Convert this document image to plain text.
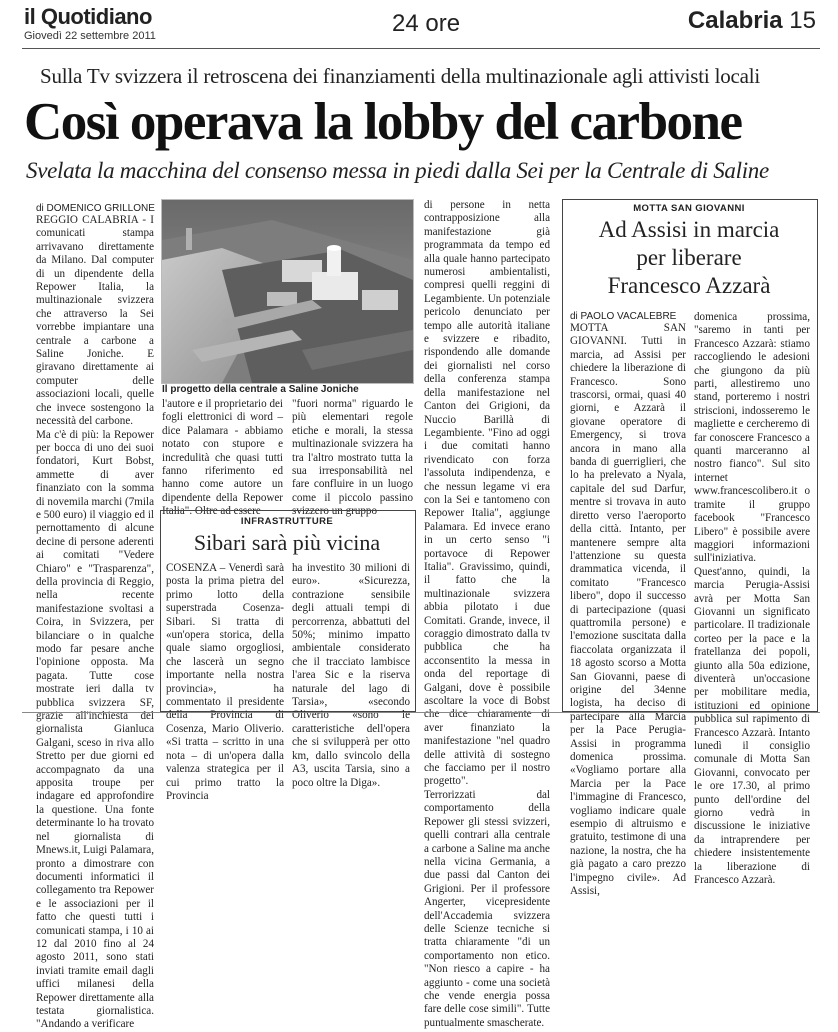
il Quotidiano
Giovedì 22 settembre 2011	24 ore	Calabria 15
Sulla Tv svizzera il retroscena dei finanziamenti della multinazionale agli attivisti locali
Così operava la lobby del carbone
Svelata la macchina del consenso messa in piedi dalla Sei per la Centrale di Saline
di DOMENICO GRILLONE

REGGIO CALABRIA - I comunicati stampa arrivavano direttamente da Milano. Dal computer di un dipendente della Repower Italia, la multinazionale svizzera che attraverso la Sei vorrebbe impiantare una centrale a carbone a Saline Joniche. E giravano direttamente ai computer delle associazioni locali, quelle che invece sostengono la necessità del carbone.
Ma c'è di più: la Repower per bocca di uno dei suoi fondatori, Kurt Bobst, ammette di aver finanziato con la somma di novemila marchi (7mila e 500 euro) il viaggio ed il pernottamento di alcune decine di persone aderenti ai comitati "Vedere Chiaro" e "Trasparenza", della provincia di Reggio, nella recente manifestazione svoltasi a Coira, in Svizzera, per bilanciare o in qualche modo far pesare anche l'opinione opposta. Ma pagata. Tutte cose mostrate ieri dalla tv pubblica svizzera SF, grazie all'inchiesta del giornalista Gianluca Galgani, sceso in riva allo Stretto per due giorni ed accompagnato da una apposita troupe per indagare ed approfondire la questione. Una fonte determinante lo ha trovato nel giornalista di Mnews.it, Luigi Palamara, pronto a dimostrare con documenti informatici il collegamento tra Repower e le associazioni per il fatto che questi tutti i comunicati stampa, i 10 ai 12 dal 2010 fino al 24 agosto 2011, sono stati inviati tramite email dagli uffici milanesi della Repower direttamente alla testata giornalistica. "Andando a verificare

Il progetto della centrale a Saline Joniche

l'autore e il proprietario dei fogli elettronici di word – dice Palamara - abbiamo notato con stupore e incredulità che quasi tutti fanno riferimento ed hanno come autore un dipendente della Repower Italia". Oltre ad essere

"fuori norma" riguardo le più elementari regole etiche e morali, la stessa multinazionale svizzera ha tra l'altro mostrato tutta la sua irresponsabilità nel fare confluire in un luogo come il piccolo passino svizzero un gruppo

di persone in netta contrapposizione alla manifestazione già programmata da tempo ed alla quale hanno partecipato numerosi ambientalisti, compresi quelli reggini di Legambiente. Un potenziale pericolo denunciato per tempo alle autorità italiane e svizzere e ribadito, rispondendo alle domande dei giornalisti nel corso della conferenza stampa della manifestazione nel Canton dei Grigioni, da Nuccio Barillà di Legambiente. "Fino ad oggi i due comitati hanno rivendicato con forza l'assoluta indipendenza, e che nessun legame vi era con la Sei e tantomeno con Repower Italia", aggiunge Palamara. Ed invece erano in un certo senso "i portavoce di Repower Italia". Gravissimo, quindi, il fatto che la multinazionale svizzera abbia pilotato i due Comitati. Grande, invece, il coraggio dimostrato dalla tv pubblica che ha acconsentito la messa in onda del reportage di Galgani, dove è possibile ascoltare la voce di Bobst che dice chiaramente di aver finanziato la manifestazione "nel quadro delle attività di sostegno che facciamo per il nostro progetto".
Terrorizzati dal comportamento della Repower gli stessi svizzeri, quelli contrari alla centrale a carbone a Saline ma anche nella vicina Germania, a due passi dal Canton dei Grigioni. Per il professore Angerter, vicepresidente dell'Accademia svizzera delle Scienze tecniche si tratta chiaramente "di un comportamento non etico. "Non riesco a capire - ha aggiunto - come una società che vende energia possa fare delle cose simili". Tutte puntualmente smascherate.

INFRASTRUTTURE
Sibari sarà più vicina

COSENZA – Venerdì sarà posta la prima pietra del primo lotto della superstrada Cosenza-Sibari. Si tratta di «un'opera storica, della quale siamo orgogliosi, che lascerà un segno importante nella nostra provincia», ha commentato il presidente della Provincia di Cosenza, Mario Oliverio. «Si tratta – scritto in una nota – di un'opera dalla valenza strategica per il cui primo tratto la Provincia

ha investito 30 milioni di euro». «Sicurezza, contrazione sensibile degli attuali tempi di percorrenza, abbattuti del 50%; minimo impatto ambientale considerato che il tracciato lambisce l'area Sic e la riserva naturale del lago di Tarsia», «secondo Oliverio «sono le caratteristiche dell'opera che si svilupperà per otto km, dallo svincolo della A3, uscita Tarsia, sino a poco oltre la Diga».

MOTTA SAN GIOVANNI
Ad Assisi in marcia
per liberare
Francesco Azzarà
di PAOLO VACALEBRE

MOTTA SAN GIOVANNI. Tutti in marcia, ad Assisi per chiedere la liberazione di Francesco. Sono trascorsi, ormai, quasi 40 giorni, e Azzarà il giovane operatore di Emergency, si trova ancora in mano alla banda di guerriglieri, che lo ha prelevato a Nyala, capitale del sud Darfur, mentre si trovava in auto diretto verso l'aeroporto della città. Intanto, per mantenere sempre alta l'attenzione su questa drammatica vicenda, il comitato "Francesco libero", dopo il successo di partecipazione (quasi quattromila persone) e l'emozione suscitata dalla fiaccolata organizzata il 18 agosto scorso a Motta San Giovanni, paese di origine del 34enne logista, ha deciso di partecipare alla Marcia per la Pace Perugia-Assisi in programma domenica prossima. «Vogliamo portare alla Marcia per la Pace l'immagine di Francesco, vogliamo indicare quale esempio di altruismo e gratuito, testimone di una nazione, la nostra, che ha già pagato a caro prezzo l'impegno civile». Ad Assisi,

domenica prossima, "saremo in tanti per Francesco Azzarà: stiamo raccogliendo le adesioni che giungono da più parti, allestiremo uno stand, porteremo i nostri striscioni, indosseremo le magliette e cercheremo di far conoscere Francesco a quanti marceranno al nostro fianco". Sul sito internet www.francescolibero.it o tramite il gruppo facebook "Francesco Libero" è possibile avere maggiori informazioni sull'iniziativa. Quest'anno, quindi, la marcia Perugia-Assisi avrà per Motta San Giovanni un significato particolare. Il tradizionale corteo per la pace e la fratellanza dei popoli, giunto alla 50a edizione, diventerà un'occasione per mobilitare media, istituzioni ed opinione pubblica sul rapimento di Francesco Azzarà. Intanto lunedì il consiglio comunale di Motta San Giovanni, convocato per le ore 17.30, al primo punto dell'ordine del giorno vedrà in discussione le iniziative da intraprendere per chiedere insistentemente la liberazione di Francesco Azzarà.
